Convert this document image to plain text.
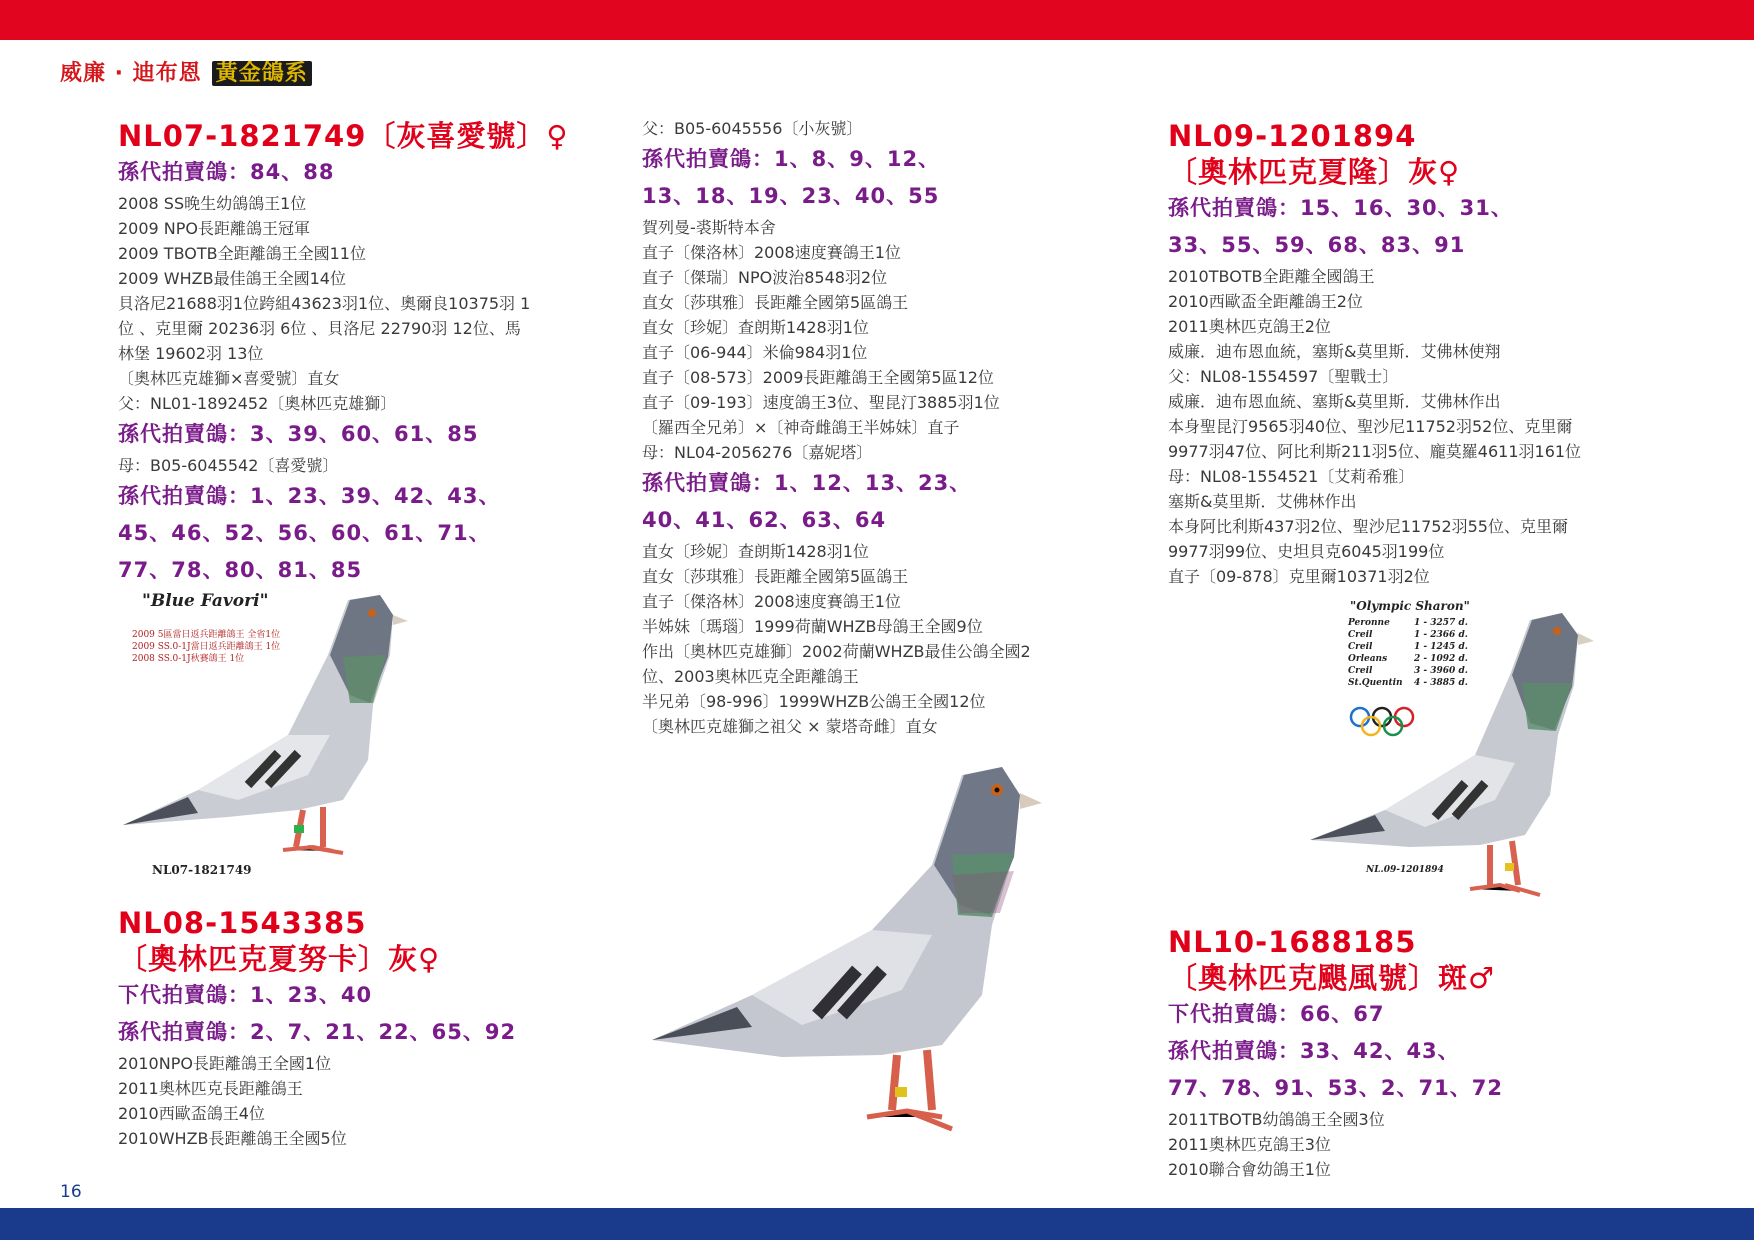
威廉 · 迪布恩 黃金鴿系
NL07-1821749〔灰喜愛號〕♀
孫代拍賣鴿：84、88
2008 SS晚生幼鴿鴿王1位
2009 NPO長距離鴿王冠軍
2009 TBOTB全距離鴿王全國11位
2009 WHZB最佳鴿王全國14位
貝洛尼21688羽1位跨組43623羽1位、奧爾良10375羽 1
位 、克里爾 20236羽 6位 、貝洛尼 22790羽 12位、馬
林堡 19602羽 13位
〔奧林匹克雄獅×喜愛號〕直女
父：NL01-1892452〔奧林匹克雄獅〕
孫代拍賣鴿：3、39、60、61、85
母：B05-6045542〔喜愛號〕
孫代拍賣鴿：1、23、39、42、43、
45、46、52、56、60、61、71、
77、78、80、81、85
"Blue Favori"
2009 5區當日返兵距離鴿王 全省1位
2009 SS.0-1J當日返兵距離鴿王 1位
2008 SS.0-1J秋賽鴿王 1位
NL07-1821749
NL08-1543385
〔奧林匹克夏努卡〕灰♀
下代拍賣鴿：1、23、40
孫代拍賣鴿：2、7、21、22、65、92
2010NPO長距離鴿王全國1位
2011奧林匹克長距離鴿王
2010西歐盃鴿王4位
2010WHZB長距離鴿王全國5位
父：B05-6045556〔小灰號〕
孫代拍賣鴿：1、8、9、12、
13、18、19、23、40、55
賀列曼-裘斯特本舍
直子〔傑洛林〕2008速度賽鴿王1位
直子〔傑瑞〕NPO波治8548羽2位
直女〔莎琪雅〕長距離全國第5區鴿王
直女〔珍妮〕查朗斯1428羽1位
直子〔06-944〕米倫984羽1位
直子〔08-573〕2009長距離鴿王全國第5區12位
直子〔09-193〕速度鴿王3位、聖昆汀3885羽1位
〔羅西全兄弟〕×〔神奇雌鴿王半姊妹〕直子
母：NL04-2056276〔嘉妮塔〕
孫代拍賣鴿：1、12、13、23、
40、41、62、63、64
直女〔珍妮〕查朗斯1428羽1位
直女〔莎琪雅〕長距離全國第5區鴿王
直子〔傑洛林〕2008速度賽鴿王1位
半姊妹〔瑪瑙〕1999荷蘭WHZB母鴿王全國9位
作出〔奧林匹克雄獅〕2002荷蘭WHZB最佳公鴿全國2
位、2003奧林匹克全距離鴿王
半兄弟〔98-996〕1999WHZB公鴿王全國12位
〔奧林匹克雄獅之祖父 × 蒙塔奇雌〕直女
NL09-1201894
〔奧林匹克夏隆〕灰♀
孫代拍賣鴿：15、16、30、31、
33、55、59、68、83、91
2010TBOTB全距離全國鴿王
2010西歐盃全距離鴿王2位
2011奧林匹克鴿王2位
威廉．迪布恩血統，塞斯&莫里斯．艾佛林使翔
父：NL08-1554597〔聖戰士〕
威廉．迪布恩血統、塞斯&莫里斯．艾佛林作出
本身聖昆汀9565羽40位、聖沙尼11752羽52位、克里爾
9977羽47位、阿比利斯211羽5位、龐莫羅4611羽161位
母：NL08-1554521〔艾莉希雅〕
塞斯&莫里斯．艾佛林作出
本身阿比利斯437羽2位、聖沙尼11752羽55位、克里爾
9977羽99位、史坦貝克6045羽199位
直子〔09-878〕克里爾10371羽2位
"Olympic Sharon"
Peronne	1 - 3257 d.
Creil	1 - 2366 d.
Creil	1 - 1245 d.
Orleans	2 - 1092 d.
Creil	3 - 3960 d.
St.Quentin 4 - 3885 d.
NL.09-1201894
NL10-1688185
〔奧林匹克颶風號〕斑♂
下代拍賣鴿：66、67
孫代拍賣鴿：33、42、43、
77、78、91、53、2、71、72
2011TBOTB幼鴿鴿王全國3位
2011奧林匹克鴿王3位
2010聯合會幼鴿王1位
16
